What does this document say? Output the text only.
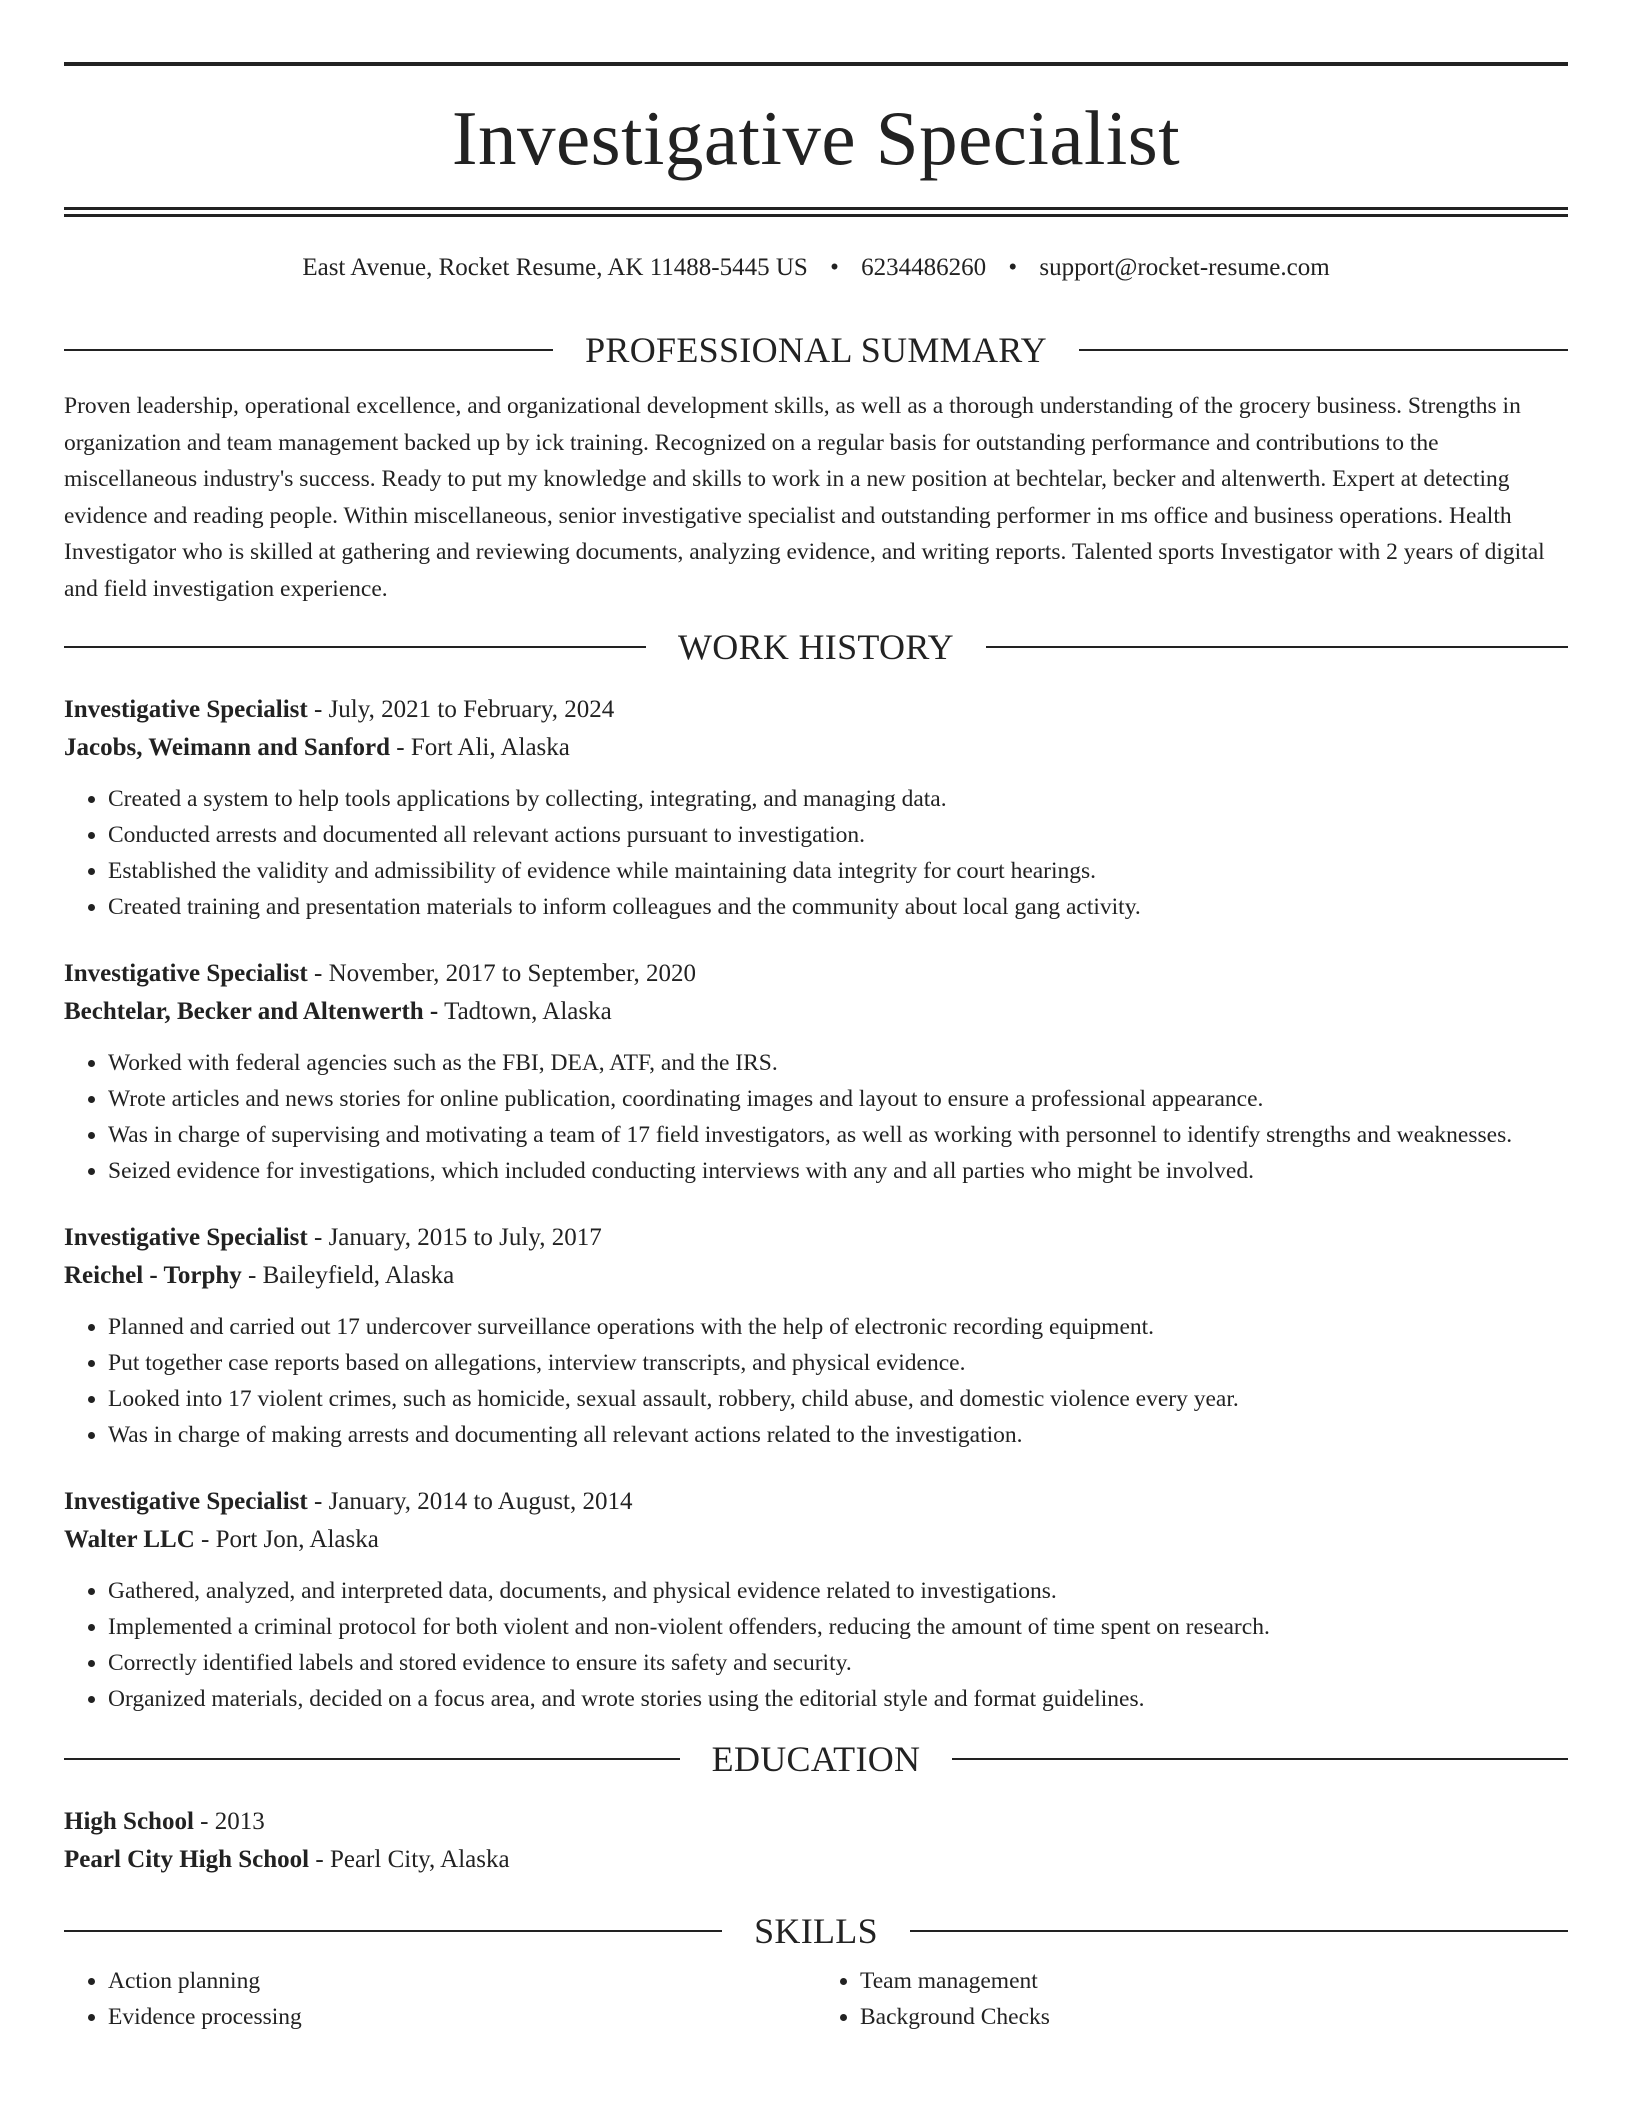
Investigative Specialist
East Avenue, Rocket Resume, AK 11488-5445 US • 6234486260 • support@rocket-resume.com
PROFESSIONAL SUMMARY

Proven leadership, operational excellence, and organizational development skills, as well as a thorough understanding of the grocery business. Strengths in organization and team management backed up by ick training. Recognized on a regular basis for outstanding performance and contributions to the miscellaneous industry's success. Ready to put my knowledge and skills to work in a new position at bechtelar, becker and altenwerth. Expert at detecting evidence and reading people. Within miscellaneous, senior investigative specialist and outstanding performer in ms office and business operations. Health Investigator who is skilled at gathering and reviewing documents, analyzing evidence, and writing reports. Talented sports Investigator with 2 years of digital and field investigation experience.

WORK HISTORY

Investigative Specialist - July, 2021 to February, 2024

Jacobs, Weimann and Sanford - Fort Ali, Alaska

• Created a system to help tools applications by collecting, integrating, and managing data.
• Conducted arrests and documented all relevant actions pursuant to investigation.
• Established the validity and admissibility of evidence while maintaining data integrity for court hearings.
• Created training and presentation materials to inform colleagues and the community about local gang activity.

Investigative Specialist - November, 2017 to September, 2020

Bechtelar, Becker and Altenwerth - Tadtown, Alaska

• Worked with federal agencies such as the FBI, DEA, ATF, and the IRS.
• Wrote articles and news stories for online publication, coordinating images and layout to ensure a professional appearance.
• Was in charge of supervising and motivating a team of 17 field investigators, as well as working with personnel to identify strengths and weaknesses.
• Seized evidence for investigations, which included conducting interviews with any and all parties who might be involved.

Investigative Specialist - January, 2015 to July, 2017

Reichel - Torphy - Baileyfield, Alaska

• Planned and carried out 17 undercover surveillance operations with the help of electronic recording equipment.
• Put together case reports based on allegations, interview transcripts, and physical evidence.
• Looked into 17 violent crimes, such as homicide, sexual assault, robbery, child abuse, and domestic violence every year.
• Was in charge of making arrests and documenting all relevant actions related to the investigation.

Investigative Specialist - January, 2014 to August, 2014

Walter LLC - Port Jon, Alaska

• Gathered, analyzed, and interpreted data, documents, and physical evidence related to investigations.
• Implemented a criminal protocol for both violent and non-violent offenders, reducing the amount of time spent on research.
• Correctly identified labels and stored evidence to ensure its safety and security.
• Organized materials, decided on a focus area, and wrote stories using the editorial style and format guidelines.
EDUCATION

High School - 2013

Pearl City High School - Pearl City, Alaska

SKILLS
• Action planning
• Evidence processing
• Team management
• Background Checks
